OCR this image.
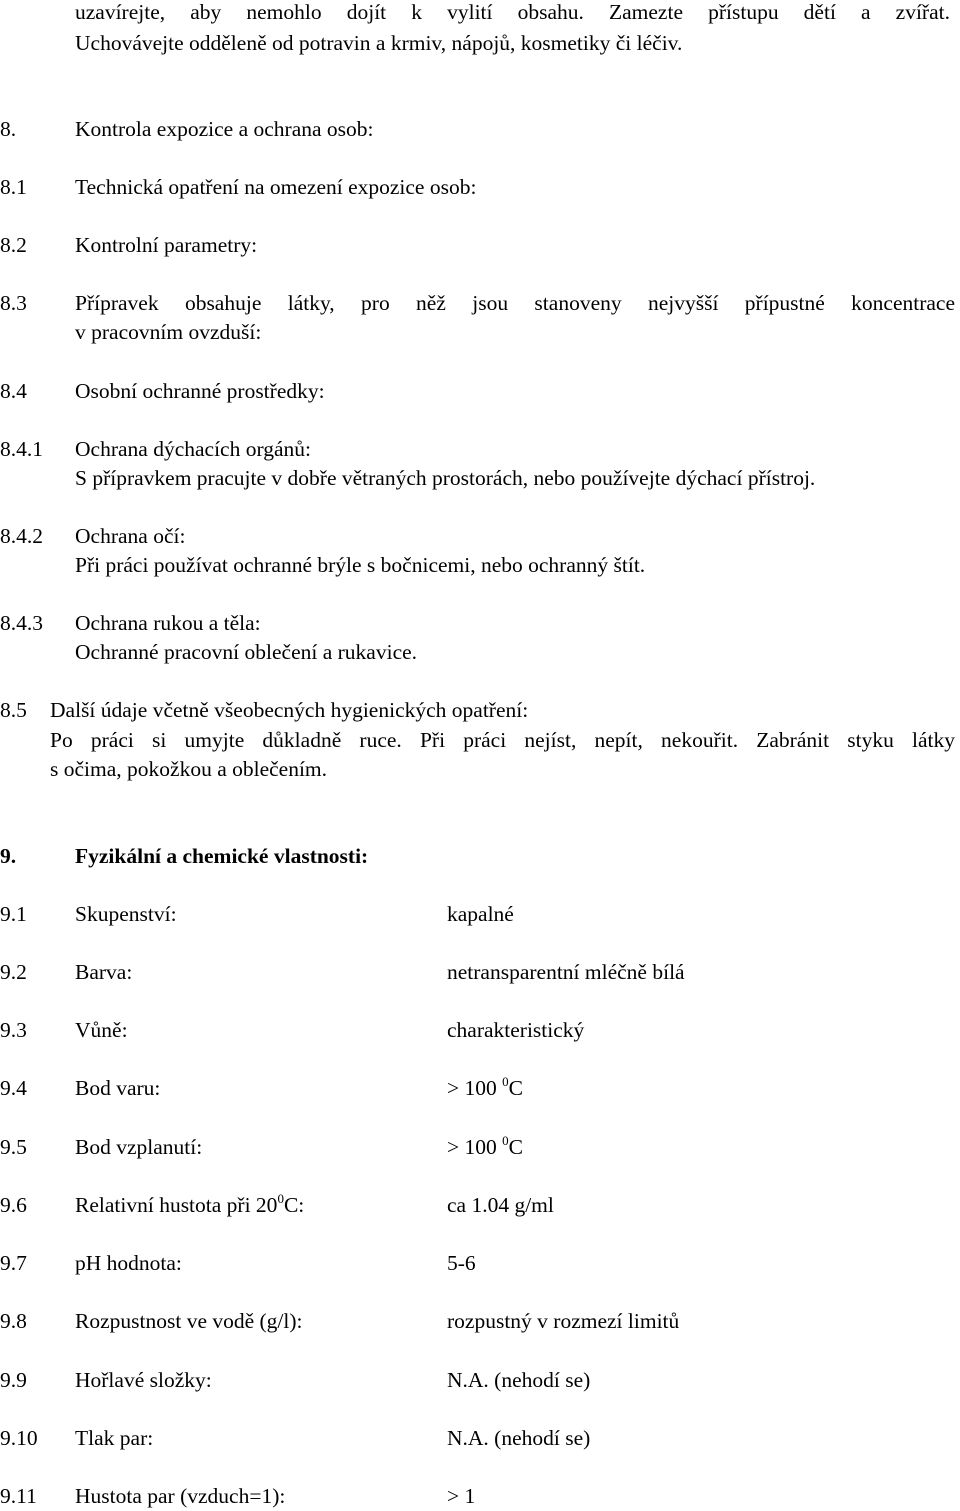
uzavírejte, aby nemohlo dojít k vylití obsahu. Zamezte přístupu dětí a zvířat.
Uchovávejte odděleně od potravin a krmiv, nápojů, kosmetiky či léčiv.
8.	Kontrola expozice a ochrana osob:
8.1 Technická opatření na omezení expozice osob:
8.2 Kontrolní parametry:
8.3 Přípravek obsahuje látky, pro něž jsou stanoveny nejvyšší přípustné koncentrace
v pracovním ovzduší:
8.4 Osobní ochranné prostředky:
8.4.1 Ochrana dýchacích orgánů:
S přípravkem pracujte v dobře větraných prostorách, nebo používejte dýchací přístroj.
8.4.2 Ochrana očí:
Při práci používat ochranné brýle s bočnicemi, nebo ochranný štít.
8.4.3 Ochrana rukou a těla:
Ochranné pracovní oblečení a rukavice.
8.5 Další údaje včetně všeobecných hygienických opatření:
Po práci si umyjte důkladně ruce. Při práci nejíst, nepít, nekouřit. Zabránit styku látky
s očima, pokožkou a oblečením.
9.	Fyzikální a chemické vlastnosti:
9.1 Skupenství:	kapalné
9.2 Barva:	netransparentní mléčně bílá
9.3 Vůně:	charakteristický
9.4 Bod varu:	> 100 $^0$C
9.5 Bod vzplanutí:	> 100 $^0$C
9.6 Relativní hustota při $20^0C$:	ca 1.04 g/ml
9.7 pH hodnota:	5-6
9.8 Rozpustnost ve vodě (g/l):	rozpustný v rozmezí limitů
9.9 Hořlavé složky:	N.A. (nehodí se)
9.10 Tlak par:	N.A. (nehodí se)
9.11 Hustota par (vzduch=1):	> 1
